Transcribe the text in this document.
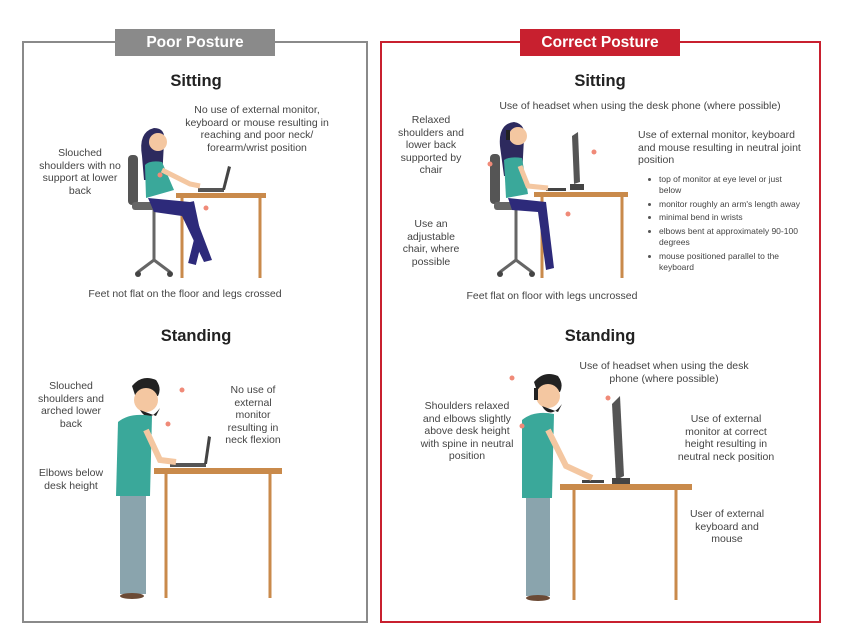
Poor Posture	Correct Posture
Sitting
No use of external monitor, keyboard or mouse resulting in reaching and poor neck/ forearm/wrist position
Slouched shoulders with no support at lower back
Feet not flat on the floor and legs crossed
Standing
Slouched shoulders and arched lower back
No use of external monitor resulting in neck flexion
Elbows below desk height
Sitting
Use of headset when using the desk phone (where possible)
Relaxed shoulders and lower back supported by chair
Use an adjustable chair, where possible
Use of external monitor, keyboard and mouse resulting in neutral joint position
top of monitor at eye level or just below
monitor roughly an arm's length away
minimal bend in wrists
elbows bent at approximately 90-100 degrees
mouse positioned parallel to the keyboard
Feet flat on floor with legs uncrossed
Standing
Use of headset when using the desk phone (where possible)
Shoulders relaxed and elbows slightly above desk height with spine in neutral position
Use of external monitor at correct height resulting in neutral neck position
User of external keyboard and mouse
